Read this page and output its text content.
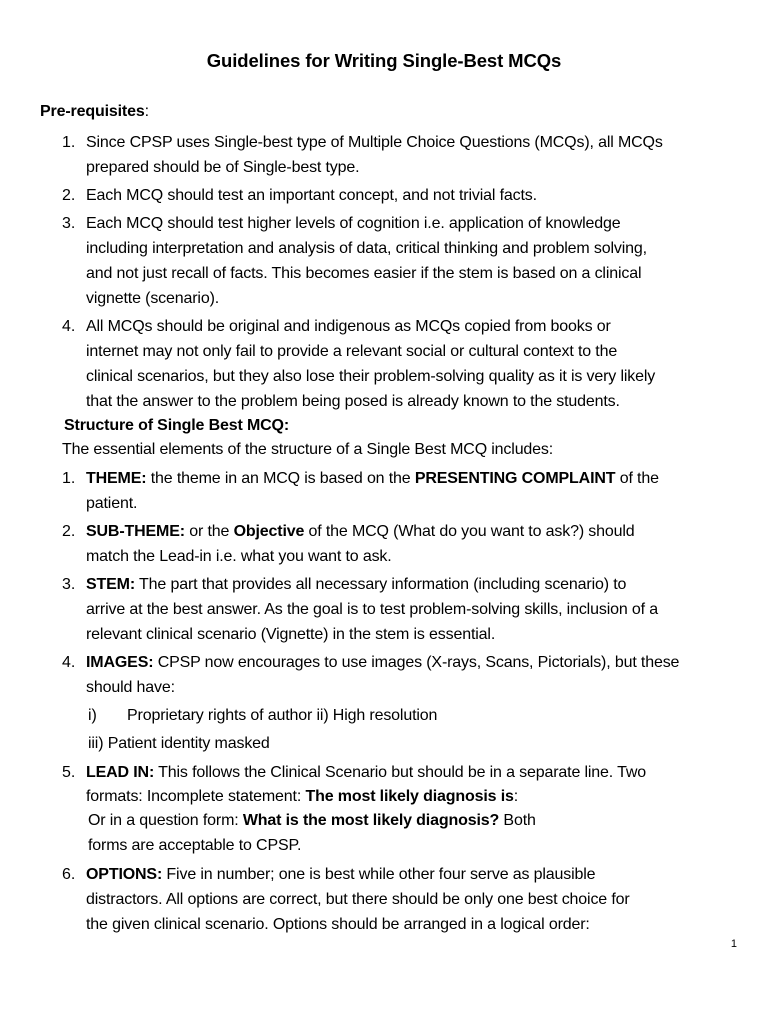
Guidelines for Writing Single-Best MCQs
Pre-requisites:
1. Since CPSP uses Single-best type of Multiple Choice Questions (MCQs), all MCQs
prepared should be of Single-best type.
2. Each MCQ should test an important concept, and not trivial facts.
3. Each MCQ should test higher levels of cognition i.e. application of knowledge
including interpretation and analysis of data, critical thinking and problem solving,
and not just recall of facts. This becomes easier if the stem is based on a clinical
vignette (scenario).
4. All MCQs should be original and indigenous as MCQs copied from books or
internet may not only fail to provide a relevant social or cultural context to the
clinical scenarios, but they also lose their problem-solving quality as it is very likely
that the answer to the problem being posed is already known to the students.
Structure of Single Best MCQ:
The essential elements of the structure of a Single Best MCQ includes:
1. THEME: the theme in an MCQ is based on the PRESENTING COMPLAINT of the
patient.
2. SUB-THEME: or the Objective of the MCQ (What do you want to ask?) should
match the Lead-in i.e. what you want to ask.
3. STEM: The part that provides all necessary information (including scenario) to
arrive at the best answer. As the goal is to test problem-solving skills, inclusion of a
relevant clinical scenario (Vignette) in the stem is essential.
4. IMAGES: CPSP now encourages to use images (X-rays, Scans, Pictorials), but these
should have:
i) Proprietary rights of author ii) High resolution
iii) Patient identity masked
5. LEAD IN: This follows the Clinical Scenario but should be in a separate line. Two
formats: Incomplete statement: The most likely diagnosis is:
Or in a question form: What is the most likely diagnosis? Both
forms are acceptable to CPSP.
6. OPTIONS: Five in number; one is best while other four serve as plausible
distractors. All options are correct, but there should be only one best choice for
the given clinical scenario. Options should be arranged in a logical order:
1
